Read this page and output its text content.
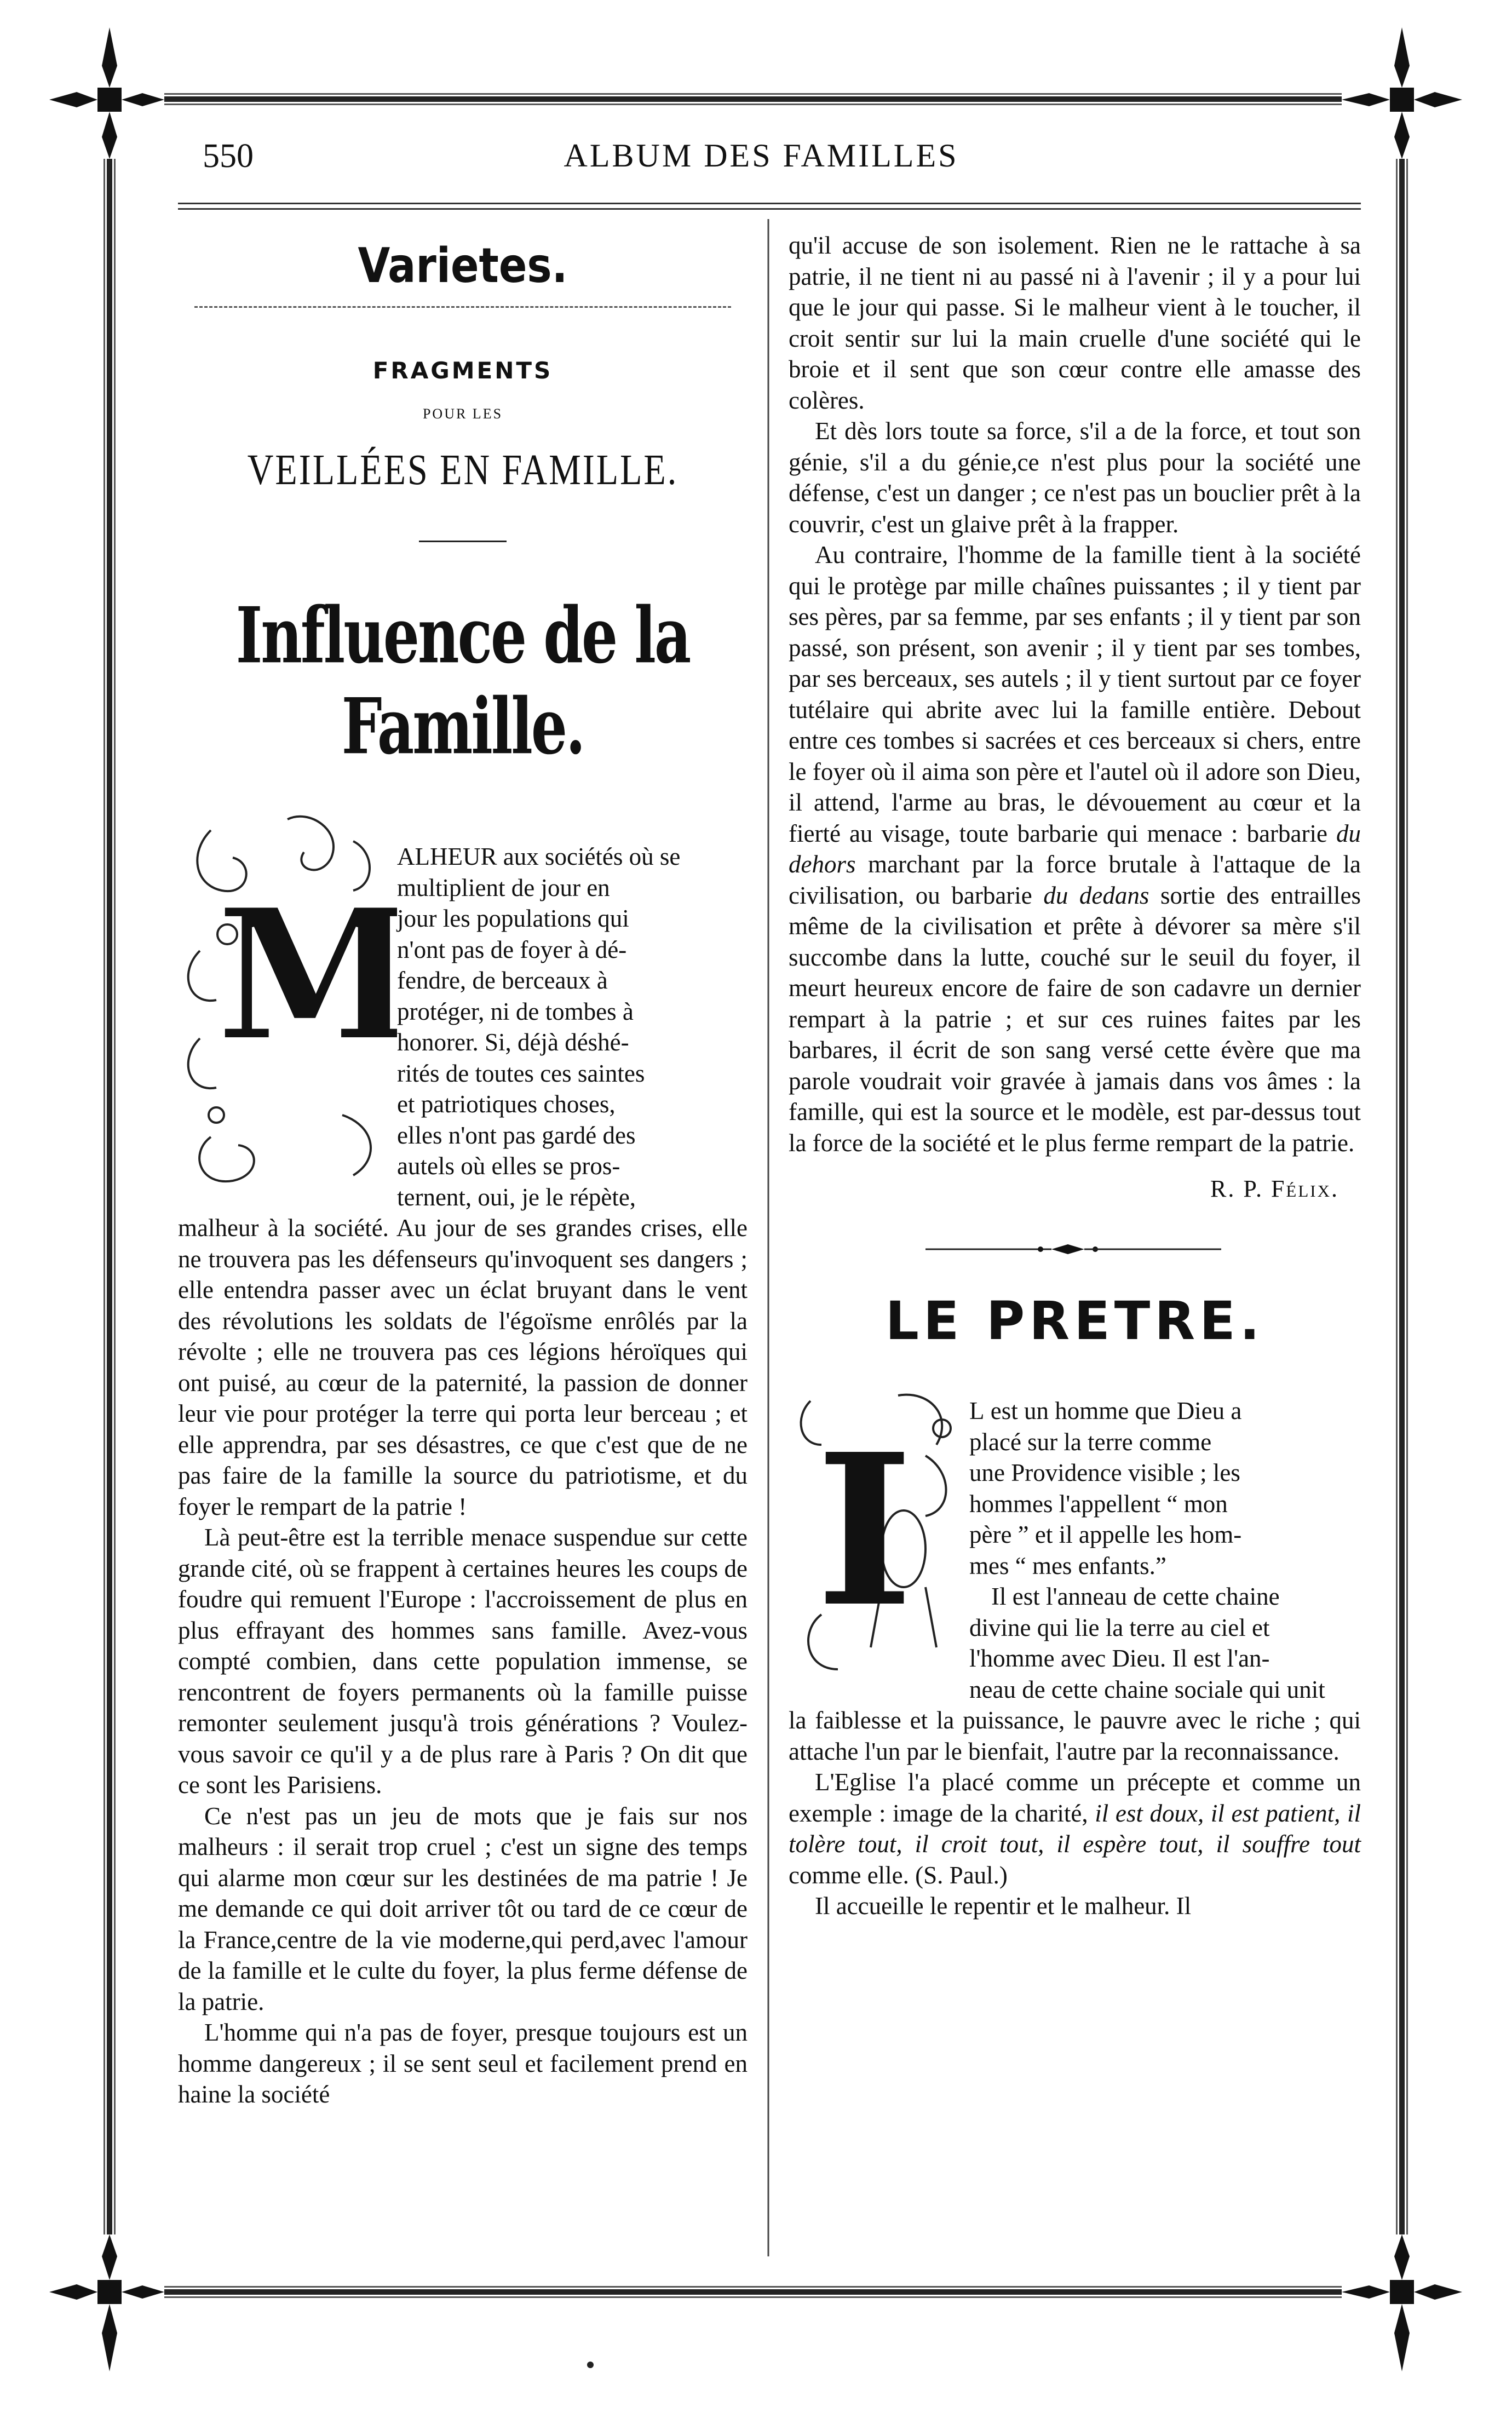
550	ALBUM DES FAMILLES
Varietes.
FRAGMENTS
POUR LES
VEILLÉES EN FAMILLE.
Influence de la Famille.
M

ALHEUR aux sociétés où se

multiplient de jour en

jour les populations qui

n'ont pas de foyer à dé-

fendre, de berceaux à

protéger, ni de tombes à

honorer. Si, déjà déshé-

rités de toutes ces saintes

et patriotiques choses,

elles n'ont pas gardé des

autels où elles se pros-

ternent, oui, je le répète,

malheur à la société. Au jour de ses grandes crises, elle ne trouvera pas les défenseurs qu'invoquent ses dangers ; elle entendra passer avec un éclat bruyant dans le vent des révolutions les soldats de l'égoïsme enrôlés par la révolte ; elle ne trouvera pas ces légions héroïques qui ont puisé, au cœur de la paternité, la passion de donner leur vie pour protéger la terre qui porta leur berceau ; et elle apprendra, par ses désastres, ce que c'est que de ne pas faire de la famille la source du patriotisme, et du foyer le rempart de la patrie !

Là peut-être est la terrible menace suspendue sur cette grande cité, où se frappent à certaines heures les coups de foudre qui remuent l'Europe : l'accroissement de plus en plus effrayant des hommes sans famille. Avez-vous compté combien, dans cette population immense, se rencontrent de foyers permanents où la famille puisse remonter seulement jusqu'à trois générations ? Voulez-vous savoir ce qu'il y a de plus rare à Paris ? On dit que ce sont les Parisiens.

Ce n'est pas un jeu de mots que je fais sur nos malheurs : il serait trop cruel ; c'est un signe des temps qui alarme mon cœur sur les destinées de ma patrie ! Je me demande ce qui doit arriver tôt ou tard de ce cœur de la France,centre de la vie moderne,qui perd,avec l'amour de la famille et le culte du foyer, la plus ferme défense de la patrie.

L'homme qui n'a pas de foyer, presque toujours est un homme dangereux ; il se sent seul et facilement prend en haine la société

qu'il accuse de son isolement. Rien ne le rattache à sa patrie, il ne tient ni au passé ni à l'avenir ; il y a pour lui que le jour qui passe. Si le malheur vient à le toucher, il croit sentir sur lui la main cruelle d'une société qui le broie et il sent que son cœur contre elle amasse des colères.

Et dès lors toute sa force, s'il a de la force, et tout son génie, s'il a du génie,ce n'est plus pour la société une défense, c'est un danger ; ce n'est pas un bouclier prêt à la couvrir, c'est un glaive prêt à la frapper.

Au contraire, l'homme de la famille tient à la société qui le protège par mille chaînes puissantes ; il y tient par ses pères, par sa femme, par ses enfants ; il y tient par son passé, son présent, son avenir ; il y tient par ses tombes, par ses berceaux, ses autels ; il y tient surtout par ce foyer tutélaire qui abrite avec lui la famille entière. Debout entre ces tombes si sacrées et ces berceaux si chers, entre le foyer où il aima son père et l'autel où il adore son Dieu, il attend, l'arme au bras, le dévouement au cœur et la fierté au visage, toute barbarie qui menace : barbarie du dehors marchant par la force brutale à l'attaque de la civilisation, ou barbarie du dedans sortie des entrailles même de la civilisation et prête à dévorer sa mère s'il succombe dans la lutte, couché sur le seuil du foyer, il meurt heureux encore de faire de son cadavre un dernier rempart à la patrie ; et sur ces ruines faites par les barbares, il écrit de son sang versé cette évère que ma parole voudrait voir gravée à jamais dans vos âmes : la famille, qui est la source et le modèle, est par-dessus tout la force de la société et le plus ferme rempart de la patrie.

R. P. Félix.

LE PRETRE.
I L est un homme que Dieu a

placé sur la terre comme

une Providence visible ; les

hommes l'appellent “ mon

père ” et il appelle les hom-

mes “ mes enfants.”

Il est l'anneau de cette chaine

divine qui lie la terre au ciel et

l'homme avec Dieu. Il est l'an-

neau de cette chaine sociale qui unit

la faiblesse et la puissance, le pauvre avec le riche ; qui attache l'un par le bienfait, l'autre par la reconnaissance.

L'Eglise l'a placé comme un précepte et comme un exemple : image de la charité, il est doux, il est patient, il tolère tout, il croit tout, il espère tout, il souffre tout comme elle. (S. Paul.)

Il accueille le repentir et le malheur. Il
